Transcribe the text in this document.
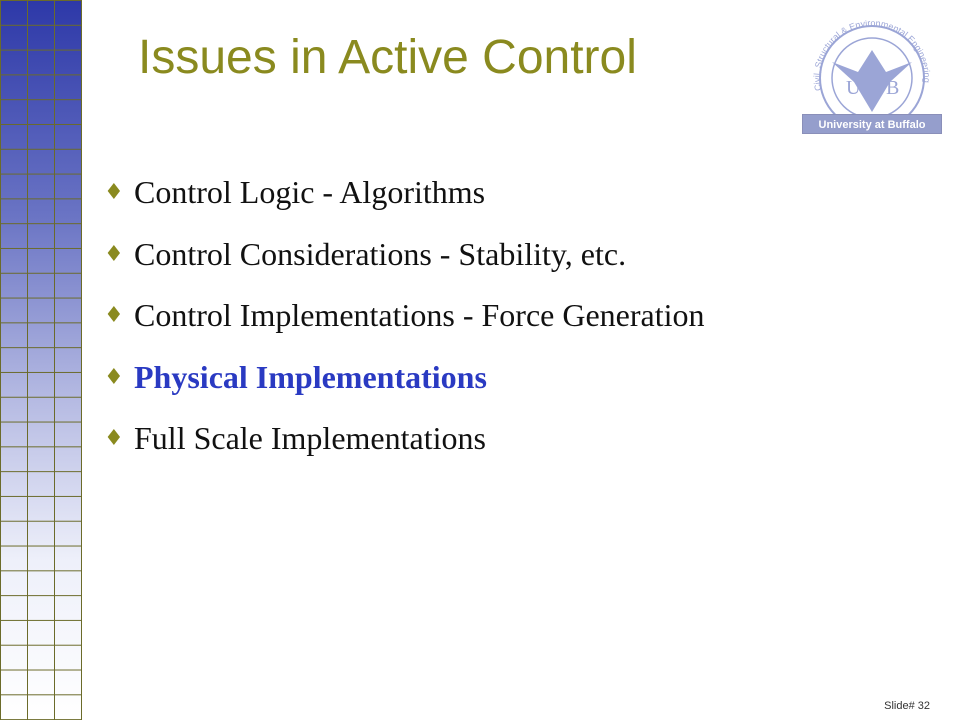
Issues in Active Control
Civil, Structural & Environmental Engineering
U B
University at Buffalo
♦ Control Logic - Algorithms
♦ Control Considerations - Stability, etc.
♦ Control Implementations - Force Generation
♦ Physical Implementations
♦ Full Scale Implementations
Slide# 32
